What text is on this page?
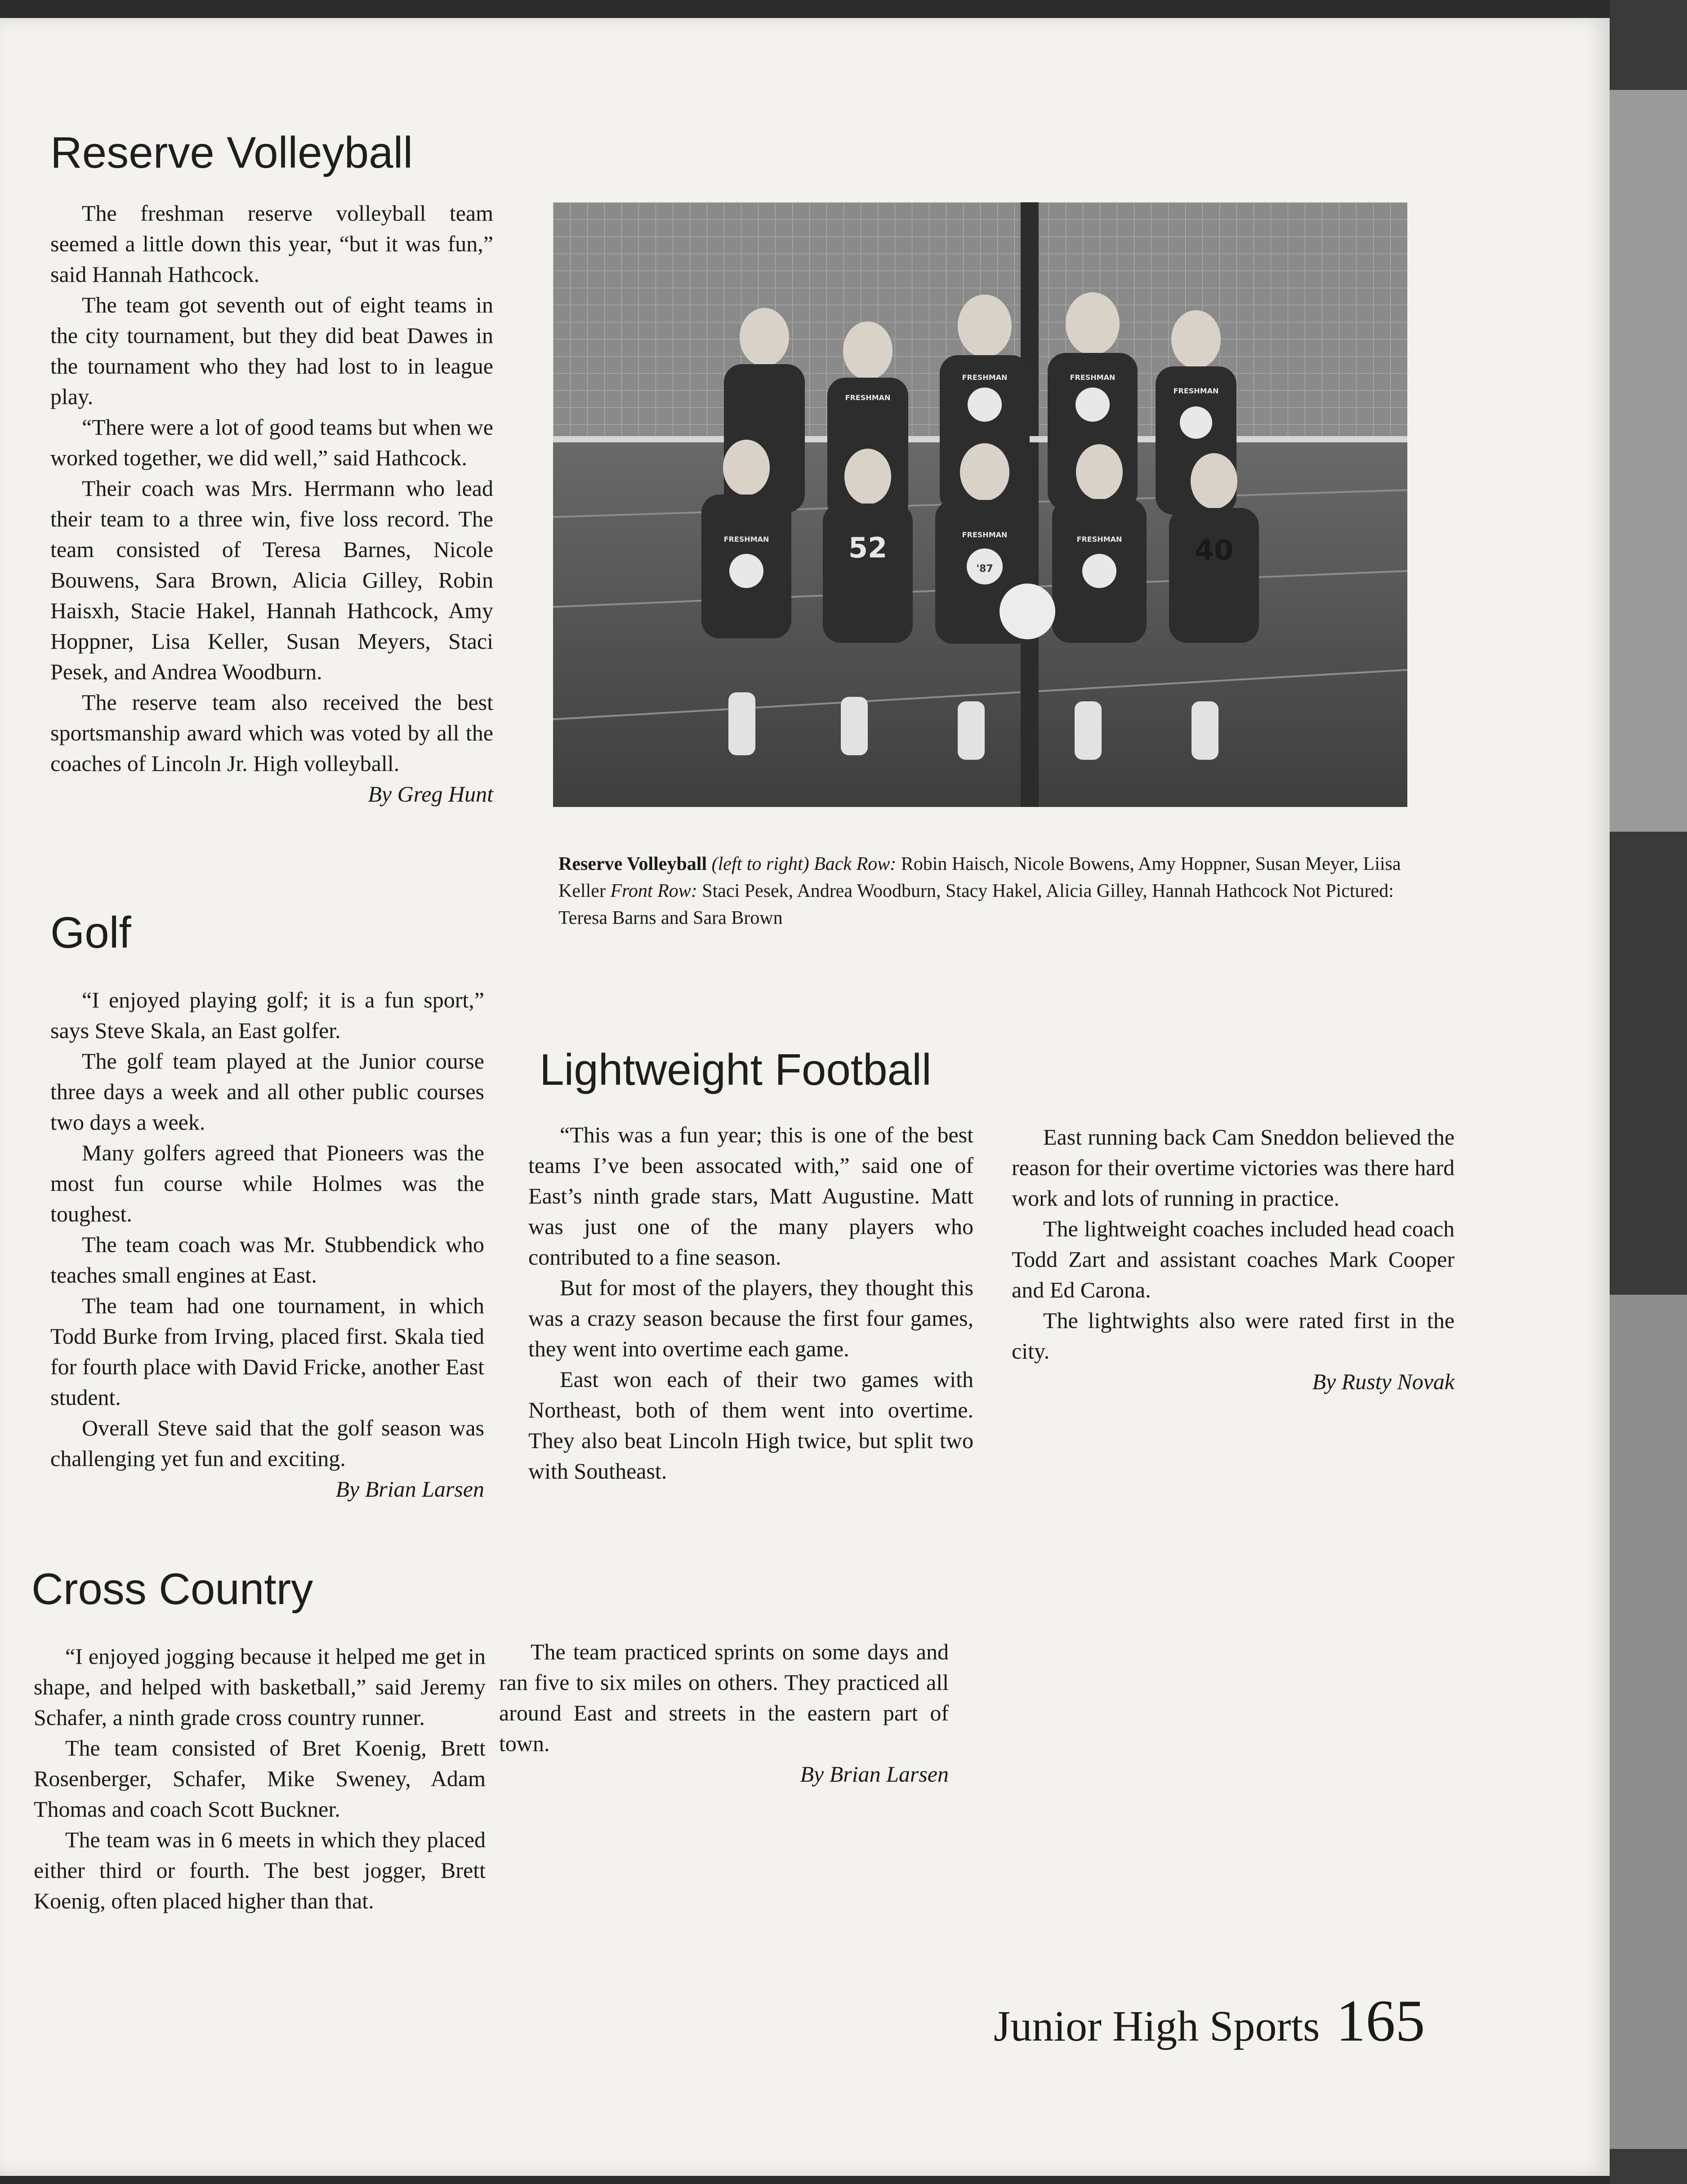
Reserve Volleyball

The freshman reserve volleyball team seemed a little down this year, “but it was fun,” said Hannah Hathcock.

The team got seventh out of eight teams in the city tournament, but they did beat Dawes in the tournament who they had lost to in league play.

“There were a lot of good teams but when we worked together, we did well,” said Hathcock.

Their coach was Mrs. Herrmann who lead their team to a three win, five loss record. The team consisted of Teresa Barnes, Nicole Bouwens, Sara Brown, Alicia Gilley, Robin Haisxh, Stacie Hakel, Hannah Hathcock, Amy Hoppner, Lisa Keller, Susan Meyers, Staci Pesek, and Andrea Woodburn.

The reserve team also received the best sportsmanship award which was voted by all the coaches of Lincoln Jr. High volleyball.

By Greg Hunt

FRESHMAN	FRESHMAN
FRESHMAN
FRESHMAN
FRESHMAN
FRESHMAN
FRESHMAN
'87
52	40
Reserve Volleyball (left to right) Back Row: Robin Haisch, Nicole Bowens, Amy Hoppner, Susan Meyer, Liisa Keller Front Row: Staci Pesek, Andrea Woodburn, Stacy Hakel, Alicia Gilley, Hannah Hathcock Not Pictured: Teresa Barns and Sara Brown
Golf

“I enjoyed playing golf; it is a fun sport,” says Steve Skala, an East golfer.

The golf team played at the Junior course three days a week and all other public courses two days a week.

Many golfers agreed that Pioneers was the most fun course while Holmes was the toughest.

The team coach was Mr. Stubbendick who teaches small engines at East.

The team had one tournament, in which Todd Burke from Irving, placed first. Skala tied for fourth place with David Fricke, another East student.

Overall Steve said that the golf season was challenging yet fun and exciting.

By Brian Larsen

Lightweight Football

“This was a fun year; this is one of the best teams I’ve been assocated with,” said one of East’s ninth grade stars, Matt Augustine. Matt was just one of the many players who contributed to a fine season.

But for most of the players, they thought this was a crazy season because the first four games, they went into overtime each game.

East won each of their two games with Northeast, both of them went into overtime. They also beat Lincoln High twice, but split two with Southeast.

East running back Cam Sneddon believed the reason for their overtime victories was there hard work and lots of running in practice.

The lightweight coaches included head coach Todd Zart and assistant coaches Mark Cooper and Ed Carona.

The lightwights also were rated first in the city.

By Rusty Novak

Cross Country

“I enjoyed jogging because it helped me get in shape, and helped with basketball,” said Jeremy Schafer, a ninth grade cross country runner.

The team consisted of Bret Koenig, Brett Rosenberger, Schafer, Mike Sweney, Adam Thomas and coach Scott Buckner.

The team was in 6 meets in which they placed either third or fourth. The best jogger, Brett Koenig, often placed higher than that.

The team practiced sprints on some days and ran five to six miles on others. They practiced all around East and streets in the eastern part of town.

By Brian Larsen

Junior High Sports 165
